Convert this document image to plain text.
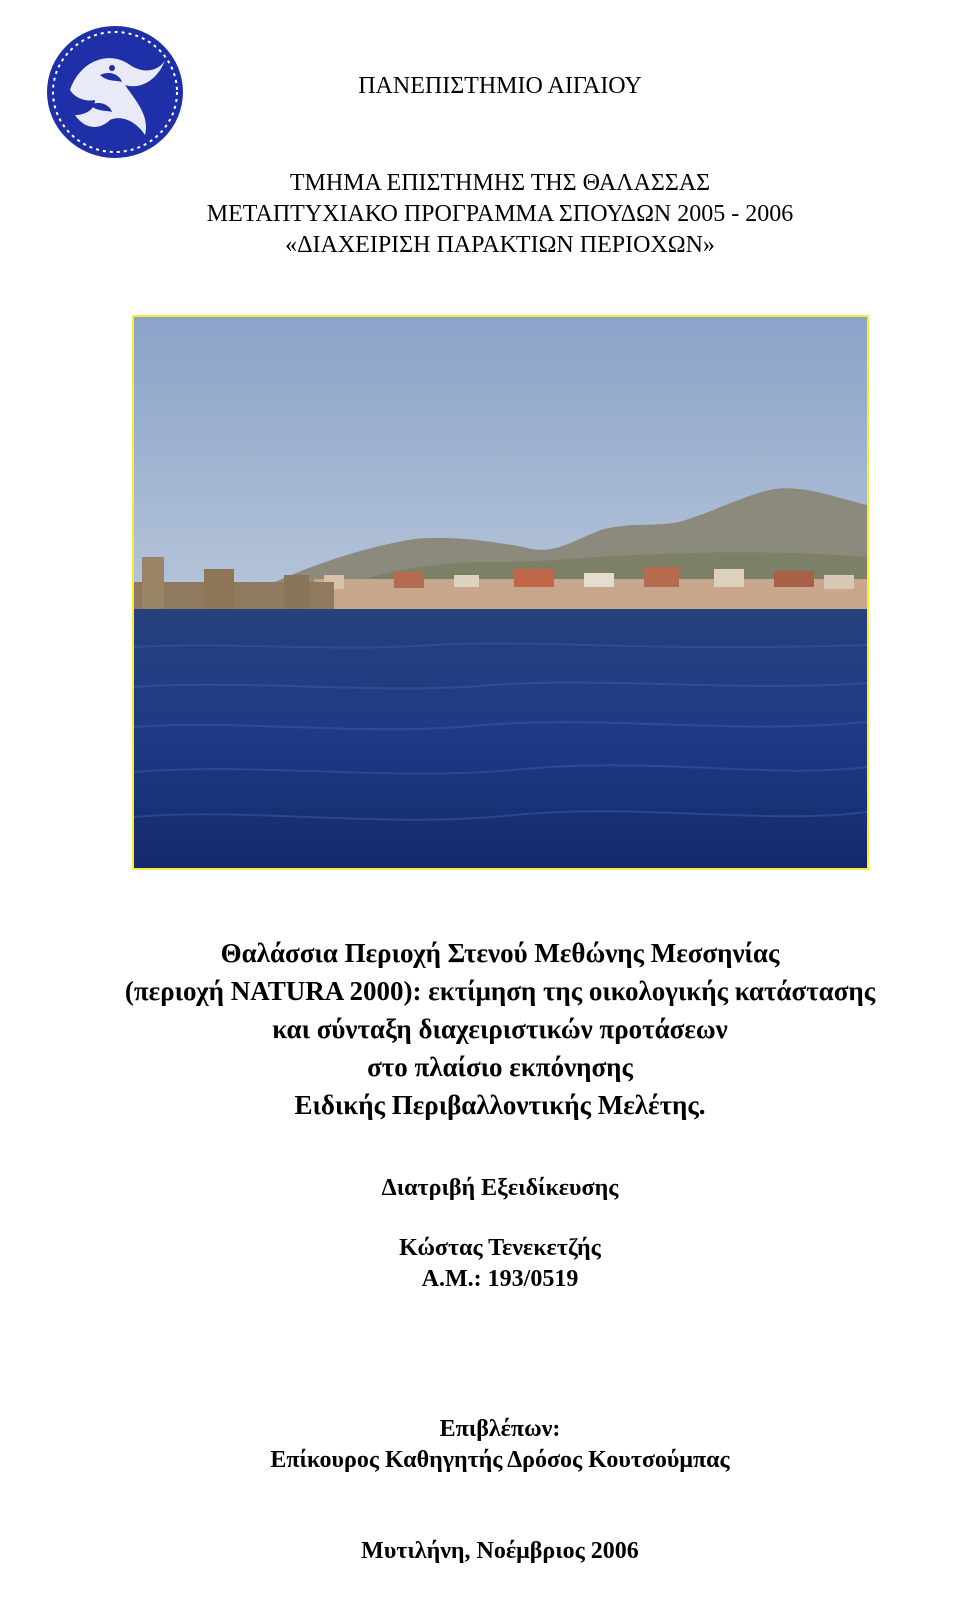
ΠΑΝΕΠΙΣΤΗΜΙΟ ΑΙΓΑΙΟΥ
ΤΜΗΜΑ ΕΠΙΣΤΗΜΗΣ ΤΗΣ ΘΑΛΑΣΣΑΣ
ΜΕΤΑΠΤΥΧΙΑΚΟ ΠΡΟΓΡΑΜΜΑ ΣΠΟΥΔΩΝ 2005 - 2006
«ΔΙΑΧΕΙΡΙΣΗ ΠΑΡΑΚΤΙΩΝ ΠΕΡΙΟΧΩΝ»
Θαλάσσια Περιοχή Στενού Μεθώνης Μεσσηνίας
(περιοχή NATURA 2000): εκτίμηση της οικολογικής κατάστασης
και σύνταξη διαχειριστικών προτάσεων
στο πλαίσιο εκπόνησης
Ειδικής Περιβαλλοντικής Μελέτης.
Διατριβή Εξειδίκευσης
Κώστας Τενεκετζής
Α.Μ.: 193/0519
Επιβλέπων:
Επίκουρος Καθηγητής Δρόσος Κουτσούμπας
Μυτιλήνη, Νοέμβριος 2006
